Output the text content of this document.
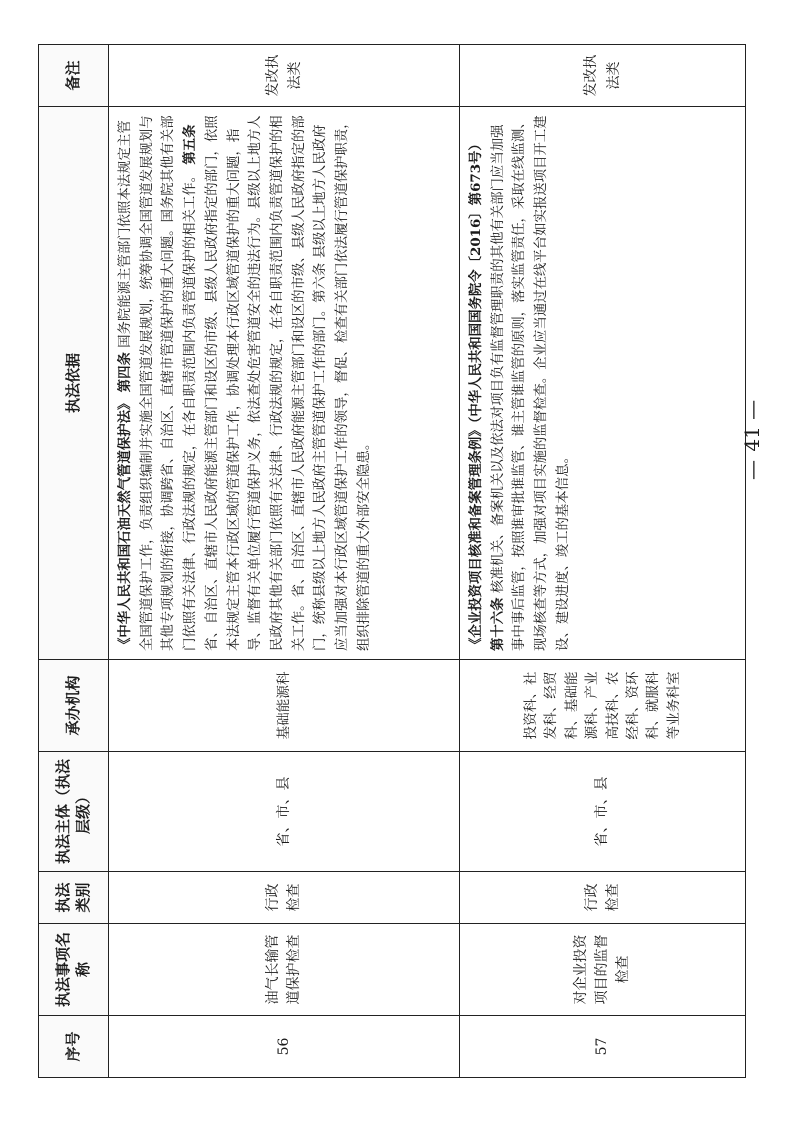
序号	执法事项名称	执法类别	执法主体（执法层级）	承办机构	执法依据	备注
56	油气长输管道保护检查	行政检查	省、市、县	基础能源科	《中华人民共和国石油天然气管道保护法》 第四条 国务院能源主管部门依照本法规定主管全国管道保护工作，负责组织编制并实施全国管道发展规划，统筹协调全国管道发展规划与其他专项规划的衔接，协调跨省、自治区、直辖市管道保护的重大问题。国务院其他有关部门依照有关法律、行政法规的规定，在各自职责范围内负责管道保护的相关工作。 第五条 省、自治区、直辖市人民政府能源主管部门和设区的市级、县级人民政府指定的部门，依照本法规定主管本行政区域的管道保护工作，协调处理本行政区域管道保护的重大问题，指导、监督有关单位履行管道保护义务，依法查处危害管道安全的违法行为。县级以上地方人民政府其他有关部门依照有关法律、行政法规的规定，在各自职责范围内负责管道保护的相关工作。省、自治区、直辖市人民政府能源主管部门和设区的市级、县级人民政府指定的部门，统称县级以上地方人民政府主管管道保护工作的部门。第六条 县级以上地方人民政府应当加强对本行政区域管道保护工作的领导，督促、检查有关部门依法履行管道保护职责，组织排除管道的重大外部安全隐患。	发改执法类
57	对企业投资项目的监督检查	行政检查	省、市、县	投资科、社发科、经贸科、基础能源科、产业高技科、农经科、资环科、就服科等业务科室	《企业投资项目核准和备案管理条例》（中华人民共和国国务院令〔2016〕第673号） 第十六条 核准机关、备案机关以及依法对项目负有监督管理职责的其他有关部门应当加强事中事后监管，按照谁审批谁监管、谁主管谁监管的原则，落实监管责任，采取在线监测、现场核查等方式，加强对项目实施的监督检查。企业应当通过在线平台如实报送项目开工建设、建设进度、竣工的基本信息。	发改执法类
— 41 —
